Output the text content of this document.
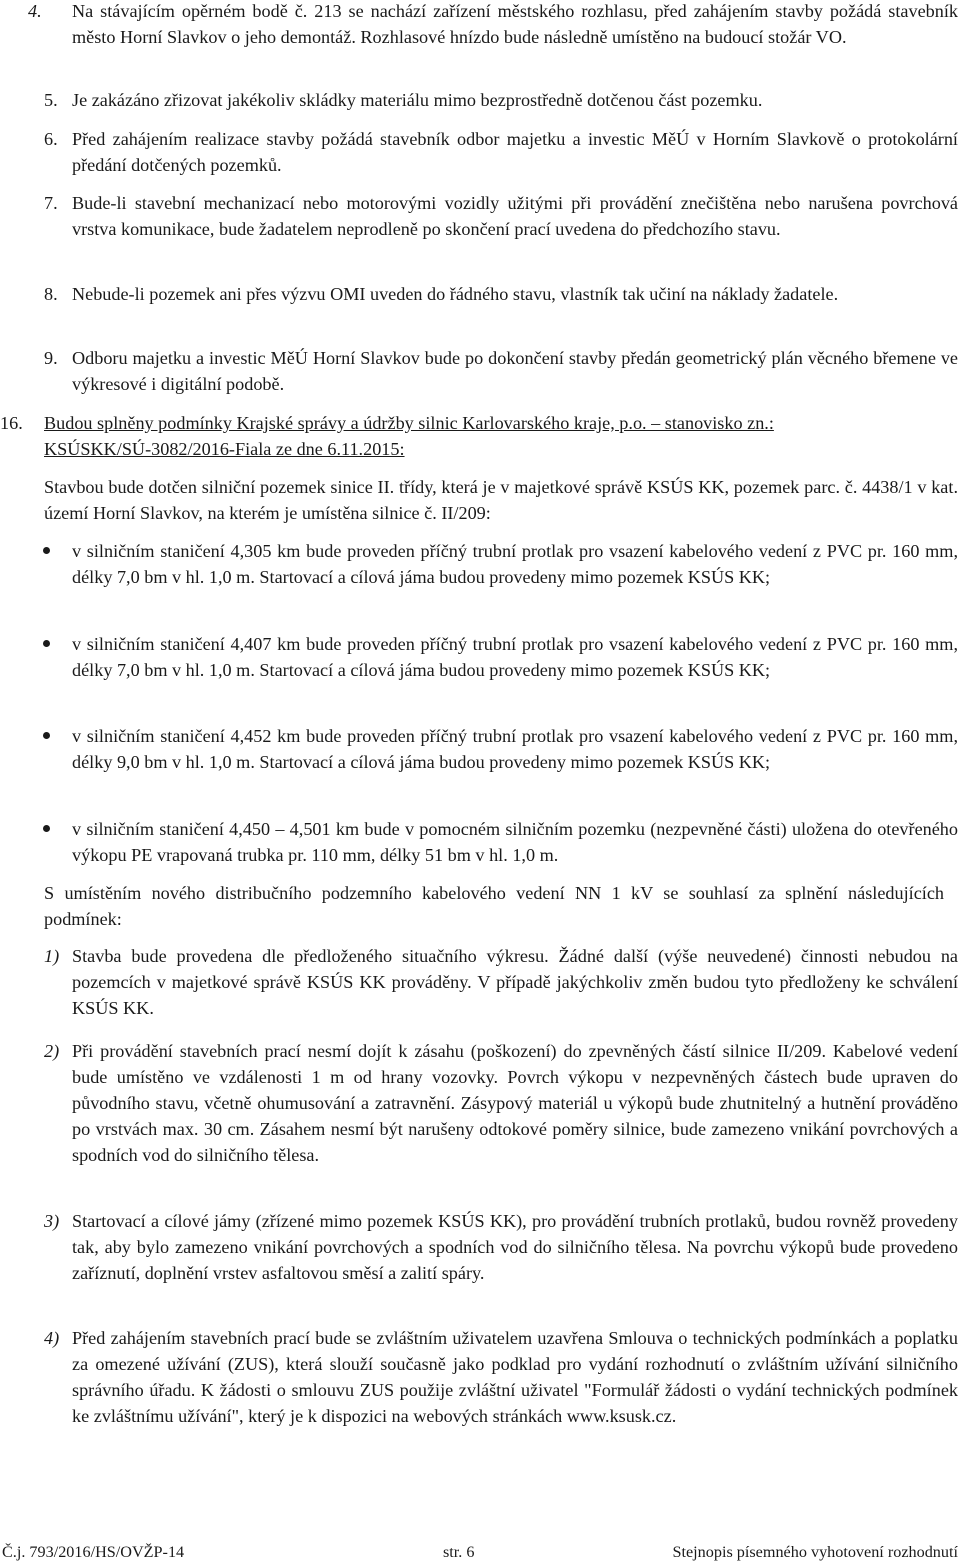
4.	Na stávajícím opěrném bodě č. 213 se nachází zařízení městského rozhlasu, před zahájením stavby požádá stavebník město Horní Slavkov o jeho demontáž. Rozhlasové hnízdo bude následně umístěno na budoucí stožár VO.
5. Je zakázáno zřizovat jakékoliv skládky materiálu mimo bezprostředně dotčenou část pozemku.
6. Před zahájením realizace stavby požádá stavebník odbor majetku a investic MěÚ v Horním Slavkově o protokolární předání dotčených pozemků.
7. Bude-li stavební mechanizací nebo motorovými vozidly užitými při provádění znečištěna nebo narušena povrchová vrstva komunikace, bude žadatelem neprodleně po skončení prací uvedena do předchozího stavu.
8. Nebude-li pozemek ani přes výzvu OMI uveden do řádného stavu, vlastník tak učiní na náklady žadatele.
9. Odboru majetku a investic MěÚ Horní Slavkov bude po dokončení stavby předán geometrický plán věcného břemene ve výkresové i digitální podobě.
16.	Budou splněny podmínky Krajské správy a údržby silnic Karlovarského kraje, p.o. – stanovisko zn.: KSÚSKK/SÚ-3082/2016-Fiala ze dne 6.11.2015:
Stavbou bude dotčen silniční pozemek sinice II. třídy, která je v majetkové správě KSÚS KK, pozemek parc. č. 4438/1 v kat. území Horní Slavkov, na kterém je umístěna silnice č. II/209:
v silničním staničení 4,305 km bude proveden příčný trubní protlak pro vsazení kabelového vedení z PVC pr. 160 mm, délky 7,0 bm v hl. 1,0 m. Startovací a cílová jáma budou provedeny mimo pozemek KSÚS KK;
v silničním staničení 4,407 km bude proveden příčný trubní protlak pro vsazení kabelového vedení z PVC pr. 160 mm, délky 7,0 bm v hl. 1,0 m. Startovací a cílová jáma budou provedeny mimo pozemek KSÚS KK;
v silničním staničení 4,452 km bude proveden příčný trubní protlak pro vsazení kabelového vedení z PVC pr. 160 mm, délky 9,0 bm v hl. 1,0 m. Startovací a cílová jáma budou provedeny mimo pozemek KSÚS KK;
v silničním staničení 4,450 – 4,501 km bude v pomocném silničním pozemku (nezpevněné části) uložena do otevřeného výkopu PE vrapovaná trubka pr. 110 mm, délky 51 bm v hl. 1,0 m.
S umístěním nového distribučního podzemního kabelového vedení NN 1 kV se souhlasí za splnění následujících podmínek:
1) Stavba bude provedena dle předloženého situačního výkresu. Žádné další (výše neuvedené) činnosti nebudou na pozemcích v majetkové správě KSÚS KK prováděny. V případě jakýchkoliv změn budou tyto předloženy ke schválení KSÚS KK.
2) Při provádění stavebních prací nesmí dojít k zásahu (poškození) do zpevněných částí silnice II/209. Kabelové vedení bude umístěno ve vzdálenosti 1 m od hrany vozovky. Povrch výkopu v nezpevněných částech bude upraven do původního stavu, včetně ohumusování a zatravnění. Zásypový materiál u výkopů bude zhutnitelný a hutnění prováděno po vrstvách max. 30 cm. Zásahem nesmí být narušeny odtokové poměry silnice, bude zamezeno vnikání povrchových a spodních vod do silničního tělesa.
3) Startovací a cílové jámy (zřízené mimo pozemek KSÚS KK), pro provádění trubních protlaků, budou rovněž provedeny tak, aby bylo zamezeno vnikání povrchových a spodních vod do silničního tělesa. Na povrchu výkopů bude provedeno zaříznutí, doplnění vrstev asfaltovou směsí a zalití spáry.
4) Před zahájením stavebních prací bude se zvláštním uživatelem uzavřena Smlouva o technických podmínkách a poplatku za omezené užívání (ZUS), která slouží současně jako podklad pro vydání rozhodnutí o zvláštním užívání silničního správního úřadu. K žádosti o smlouvu ZUS použije zvláštní uživatel "Formulář žádosti o vydání technických podmínek ke zvláštnímu užívání", který je k dispozici na webových stránkách www.ksusk.cz.
Č.j. 793/2016/HS/OVŽP-14	str. 6	Stejnopis písemného vyhotovení rozhodnutí
